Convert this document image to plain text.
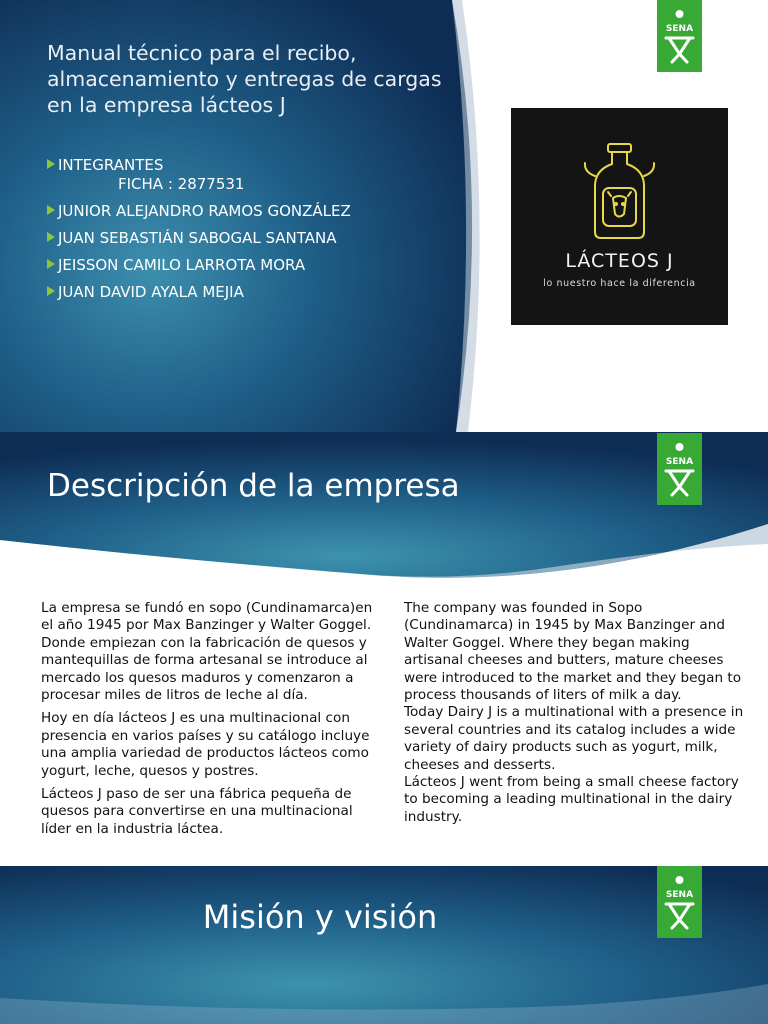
Manual técnico para el recibo, almacenamiento y entregas de cargas en la empresa lácteos J
INTEGRANTES
FICHA : 2877531
JUNIOR ALEJANDRO RAMOS GONZÁLEZ
JUAN SEBASTIÁN SABOGAL SANTANA
JEISSON CAMILO LARROTA MORA
JUAN DAVID AYALA MEJIA
LÁCTEOS J
lo nuestro hace la diferencia
SENA
Descripción de la empresa
SENA

La empresa se fundó en sopo (Cundinamarca)en el año 1945 por Max Banzinger y Walter Goggel. Donde empiezan con la fabricación de quesos y mantequillas de forma artesanal se introduce al mercado los quesos maduros y comenzaron a procesar miles de litros de leche al día.

Hoy en día lácteos J es una multinacional con presencia en varios países y su catálogo incluye una amplia variedad de productos lácteos como yogurt, leche, quesos y postres.

Lácteos J paso de ser una fábrica pequeña de quesos para convertirse en una multinacional líder en la industria láctea.

The company was founded in Sopo (Cundinamarca) in 1945 by Max Banzinger and Walter Goggel. Where they began making artisanal cheeses and butters, mature cheeses were introduced to the market and they began to process thousands of liters of milk a day.

Today Dairy J is a multinational with a presence in several countries and its catalog includes a wide variety of dairy products such as yogurt, milk, cheeses and desserts.

Lácteos J went from being a small cheese factory to becoming a leading multinational in the dairy industry.

Misión y visión
SENA
